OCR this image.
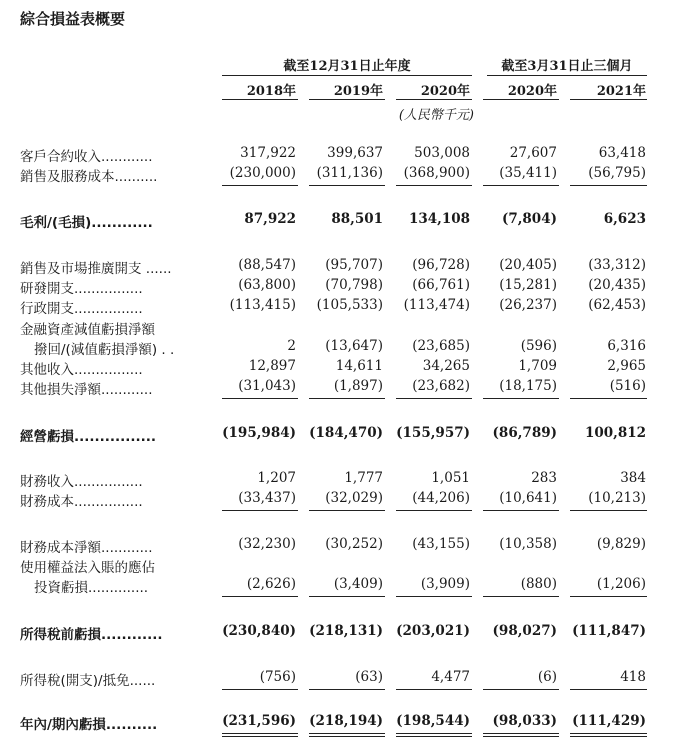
綜合損益表概要
截至12月31日止年度	截至3月31日止三個月
2018年	2019年	2020年	2020年	2021年
(人民幣千元)
客戶合約收入............	317,922	399,637	503,008	27,607	63,418
銷售及服務成本..........	(230,000)	(311,136)	(368,900)	(35,411)	(56,795)
毛利/(毛損)............	87,922	88,501	134,108	(7,804)	6,623
銷售及市場推廣開支 ......	(88,547)	(95,707)	(96,728)	(20,405)	(33,312)
研發開支................	(63,800)	(70,798)	(66,761)	(15,281)	(20,435)
行政開支................	(113,415)	(105,533)	(113,474)	(26,237)	(62,453)
金融資產減值虧損淨額
撥回/(減值虧損淨額) . .	2	(13,647)	(23,685)	(596)	6,316
其他收入................	12,897	14,611	34,265	1,709	2,965
其他損失淨額............	(31,043)	(1,897)	(23,682)	(18,175)	(516)
經營虧損................	(195,984) (184,470) (155,957)	(86,789)	100,812
財務收入................	1,207	1,777	1,051	283	384
財務成本................	(33,437)	(32,029)	(44,206)	(10,641)	(10,213)
財務成本淨額............	(32,230)	(30,252)	(43,155)	(10,358)	(9,829)
使用權益法入賬的應佔
投資虧損..............	(2,626)	(3,409)	(3,909)	(880)	(1,206)
所得稅前虧損............	(230,840) (218,131) (203,021)	(98,027)	(111,847)
所得稅(開支)/抵免......	(756)	(63)	4,477	(6)	418
年內/期內虧損..........	(231,596) (218,194) (198,544)	(98,033)	(111,429)
